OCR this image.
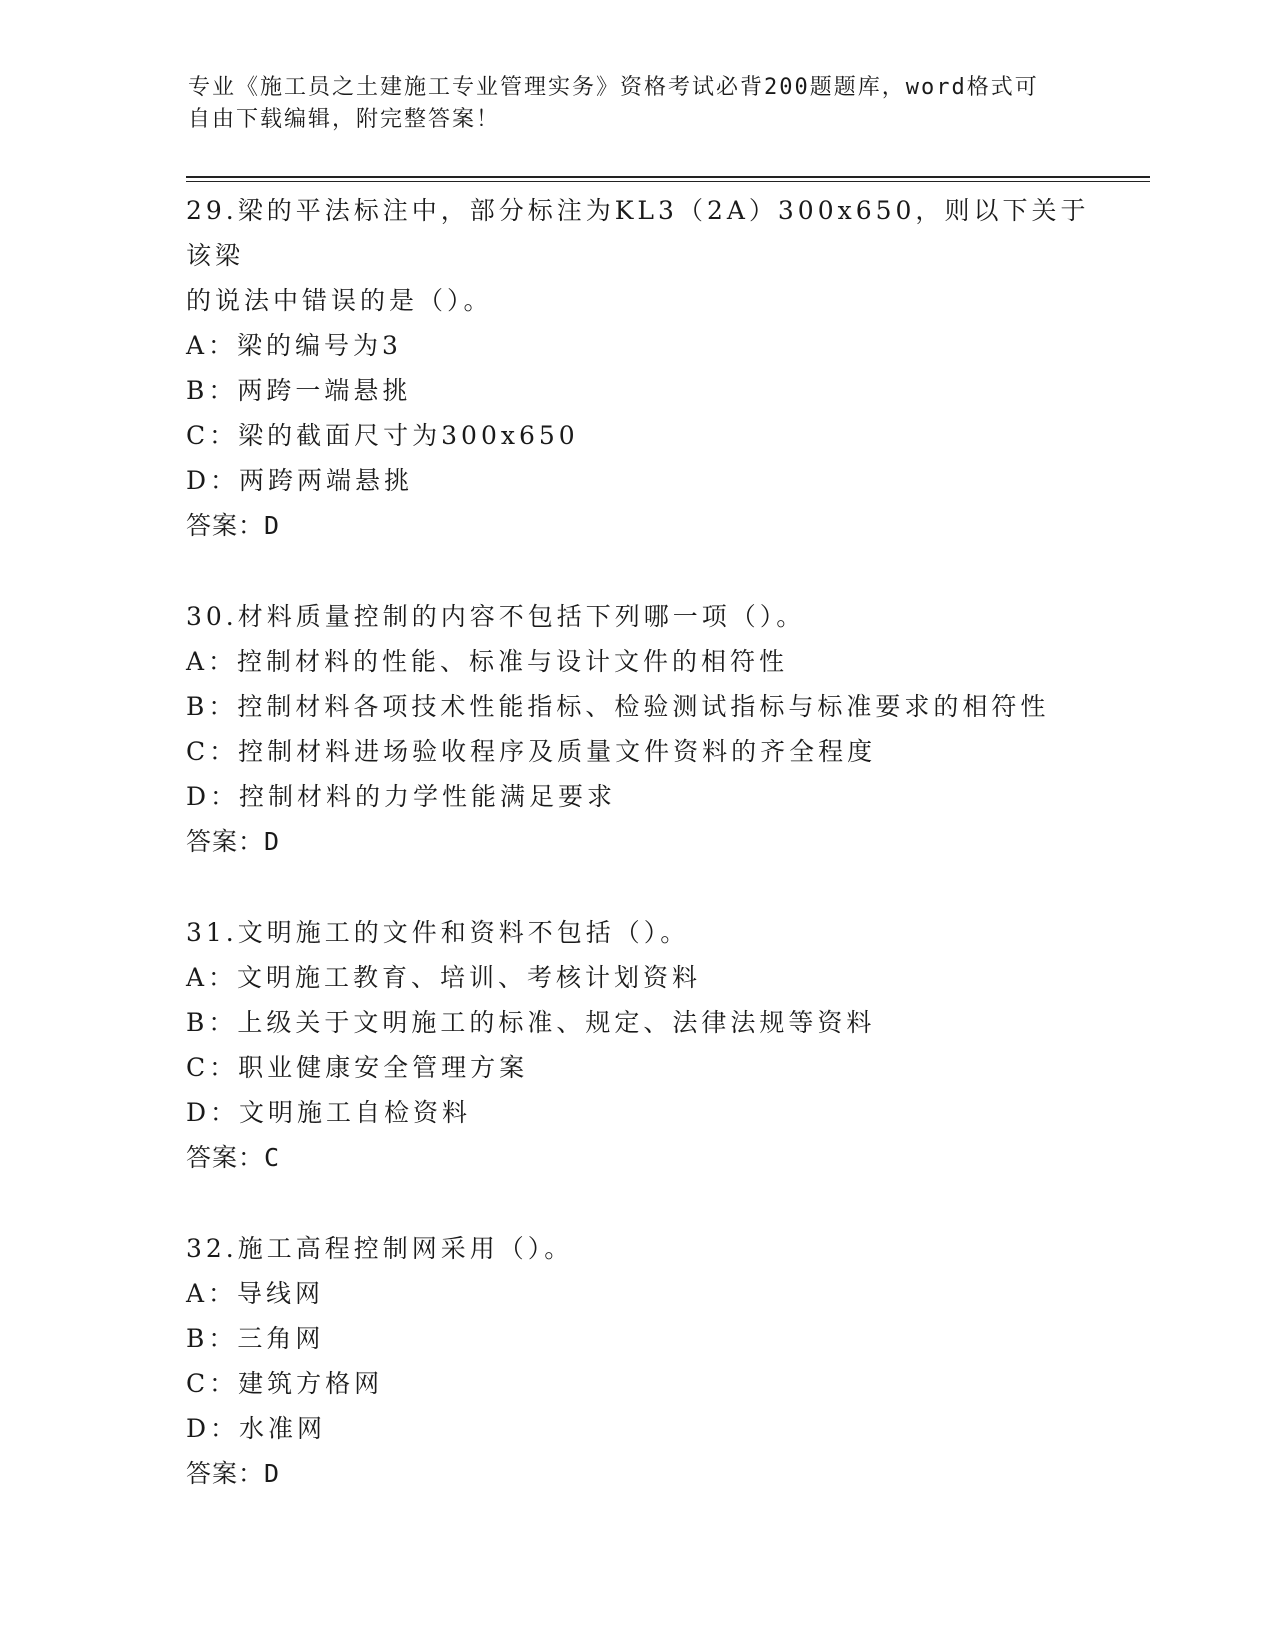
专业《施工员之土建施工专业管理实务》资格考试必背200题题库，word格式可
自由下载编辑，附完整答案！

29.梁的平法标注中，部分标注为KL3（2A）300x650，则以下关于该梁

的说法中错误的是（）。

A：梁的编号为3

B：两跨一端悬挑

C：梁的截面尺寸为300x650

D：两跨两端悬挑

答案：D

30.材料质量控制的内容不包括下列哪一项（）。

A：控制材料的性能、标准与设计文件的相符性

B：控制材料各项技术性能指标、检验测试指标与标准要求的相符性

C：控制材料进场验收程序及质量文件资料的齐全程度

D：控制材料的力学性能满足要求

答案：D

31.文明施工的文件和资料不包括（）。

A：文明施工教育、培训、考核计划资料

B：上级关于文明施工的标准、规定、法律法规等资料

C：职业健康安全管理方案

D：文明施工自检资料

答案：C

32.施工高程控制网采用（）。

A：导线网

B：三角网

C：建筑方格网

D：水准网

答案：D
